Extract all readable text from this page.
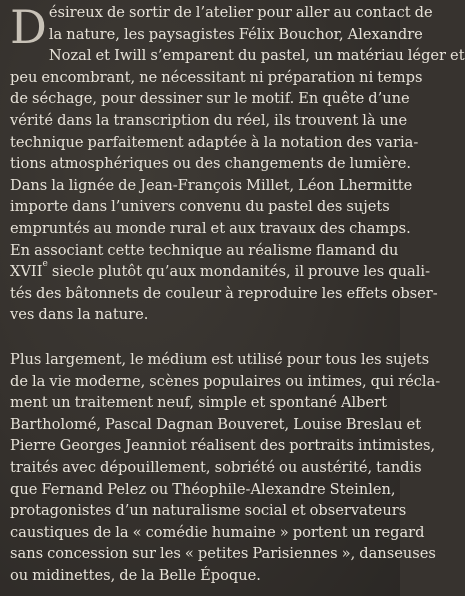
D ésireux de sortir de l’atelier pour aller au contact de
la nature, les paysagistes Félix Bouchor, Alexandre
Nozal et Iwill s’emparent du pastel, un matériau léger et
peu encombrant, ne nécessitant ni préparation ni temps
de séchage, pour dessiner sur le motif. En quête d’une
vérité dans la transcription du réel, ils trouvent là une
technique parfaitement adaptée à la notation des varia-
tions atmosphériques ou des changements de lumière.
Dans la lignée de Jean-François Millet, Léon Lhermitte
importe dans l’univers convenu du pastel des sujets
empruntés au monde rural et aux travaux des champs.
En associant cette technique au réalisme flamand du
XVIIe siecle plutôt qu’aux mondanités, il prouve les quali-
tés des bâtonnets de couleur à reproduire les effets obser-
ves dans la nature.
Plus largement, le médium est utilisé pour tous les sujets
de la vie moderne, scènes populaires ou intimes, qui récla-
ment un traitement neuf, simple et spontané Albert
Bartholomé, Pascal Dagnan Bouveret, Louise Breslau et
Pierre Georges Jeanniot réalisent des portraits intimistes,
traités avec dépouillement, sobriété ou austérité, tandis
que Fernand Pelez ou Théophile-Alexandre Steinlen,
protagonistes d’un naturalisme social et observateurs
caustiques de la « comédie humaine » portent un regard
sans concession sur les « petites Parisiennes », danseuses
ou midinettes, de la Belle Époque.
